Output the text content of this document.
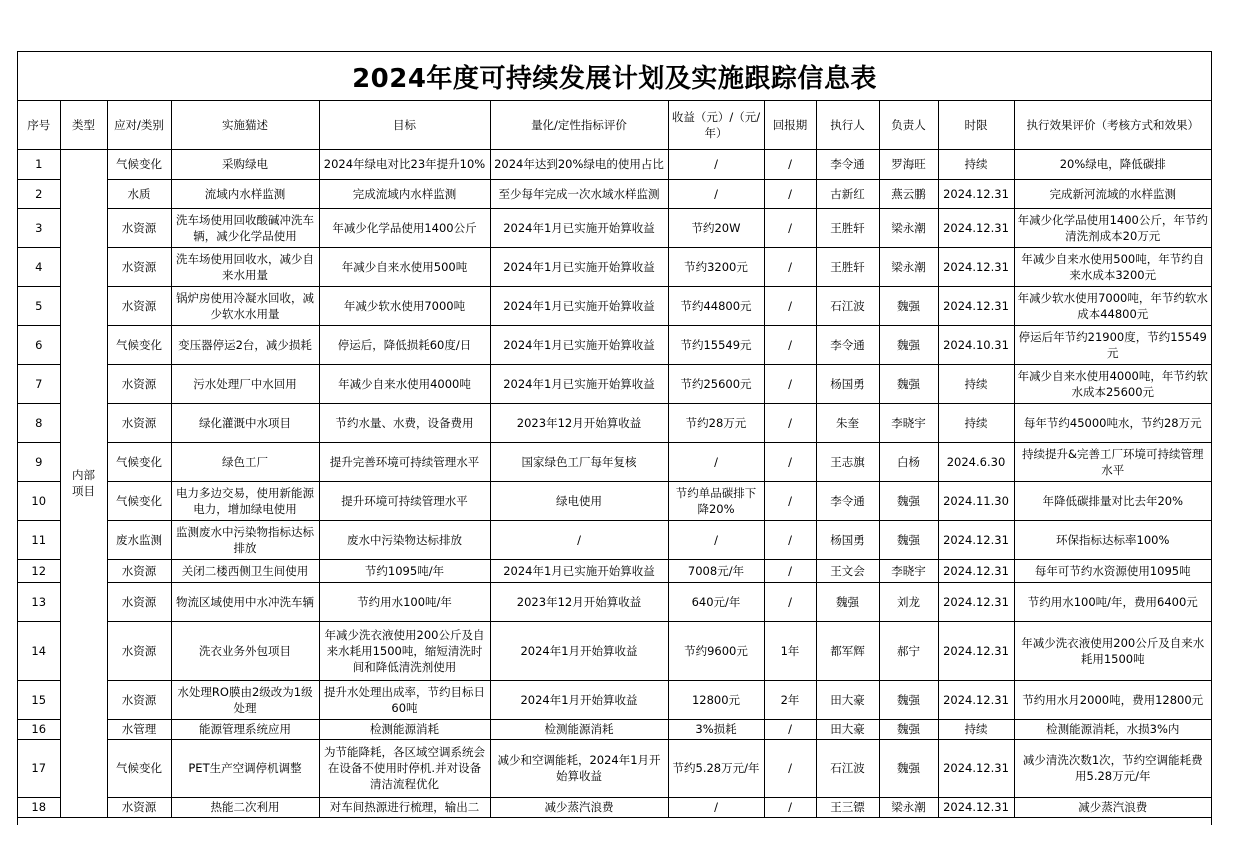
2024年度可持续发展计划及实施跟踪信息表
序号	类型	应对/类别	实施猫述	目标	量化/定性指标评价	收益（元）/（元/年）	回报期	执行人	负责人	时限	执行效果评价（考核方式和效果）
1	内部项目	气候变化	采购绿电	2024年绿电对比23年提升10%	2024年达到20%绿电的使用占比	/	/	李令通	罗海旺	持续	20%绿电，降低碳排
2		水质	流域内水样监测	完成流域内水样监测	至少每年完成一次水域水样监测	/	/	古新红	燕云鹏	2024.12.31	完成新河流域的水样监测
3		水资源	洗车场使用回收酸碱冲洗车辆，减少化学品使用	年减少化学品使用1400公斤	2024年1月已实施开始算收益	节约20W	/	王胜轩	梁永潮	2024.12.31	年减少化学品使用1400公斤，年节约清洗剂成本20万元
4		水资源	洗车场使用回收水，减少自来水用量	年减少自来水使用500吨	2024年1月已实施开始算收益	节约3200元	/	王胜轩	梁永潮	2024.12.31	年减少自来水使用500吨，年节约自来水成本3200元
5		水资源	锅炉房使用冷凝水回收，减少软水水用量	年减少软水使用7000吨	2024年1月已实施开始算收益	节约44800元	/	石江波	魏强	2024.12.31	年减少软水使用7000吨，年节约软水成本44800元
6		气候变化	变压器停运2台，减少损耗	停运后，降低损耗60度/日	2024年1月已实施开始算收益	节约15549元	/	李令通	魏强	2024.10.31	停运后年节约21900度，节约15549元
7		水资源	污水处理厂中水回用	年减少自来水使用4000吨	2024年1月已实施开始算收益	节约25600元	/	杨国勇	魏强	持续	年减少自来水使用4000吨，年节约软水成本25600元
8		水资源	绿化灌溉中水项目	节约水量、水费，设备费用	2023年12月开始算收益	节约28万元	/	朱奎	李晓宇	持续	每年节约45000吨水，节约28万元
9		气候变化	绿色工厂	提升完善环境可持续管理水平	国家绿色工厂每年复核	/	/	王志旗	白杨	2024.6.30	持续提升&完善工厂环境可持续管理水平
10		气候变化	电力多边交易，使用新能源电力，增加绿电使用	提升环境可持续管理水平	绿电使用	节约单品碳排下降20%	/	李令通	魏强	2024.11.30	年降低碳排量对比去年20%
11		废水监测	监测废水中污染物指标达标排放	废水中污染物达标排放	/	/	/	杨国勇	魏强	2024.12.31	环保指标达标率100%
12		水资源	关闭二楼西侧卫生间使用	节约1095吨/年	2024年1月已实施开始算收益	7008元/年	/	王文会	李晓宇	2024.12.31	每年可节约水资源使用1095吨
13		水资源	物流区域使用中水冲洗车辆	节约用水100吨/年	2023年12月开始算收益	640元/年	/	魏强	刘龙	2024.12.31	节约用水100吨/年，费用6400元
14		水资源	洗衣业务外包项目	年减少洗衣液使用200公斤及自来水耗用1500吨，缩短清洗时间和降低清洗剂使用	2024年1月开始算收益	节约9600元	1年	都军辉	郝宁	2024.12.31	年减少洗衣液使用200公斤及自来水耗用1500吨
15		水资源	水处理RO膜由2级改为1级处理	提升水处理出成率，节约目标日60吨	2024年1月开始算收益	12800元	2年	田大豪	魏强	2024.12.31	节约用水月2000吨，费用12800元
16		水管理	能源管理系统应用	检测能源消耗	检测能源消耗	3%损耗	/	田大豪	魏强	持续	检测能源消耗，水损3%内
17		气候变化	PET生产空调停机调整	为节能降耗，各区域空调系统会在设备不使用时停机.并对设备清洁流程优化	减少和空调能耗，2024年1月开始算收益	节约5.28万元/年	/	石江波	魏强	2024.12.31	减少清洗次数1次，节约空调能耗费用5.28万元/年
18		水资源	热能二次利用	对车间热源进行梳理，输出二	减少蒸汽浪费	/	/	王三镖	梁永潮	2024.12.31	减少蒸汽浪费
